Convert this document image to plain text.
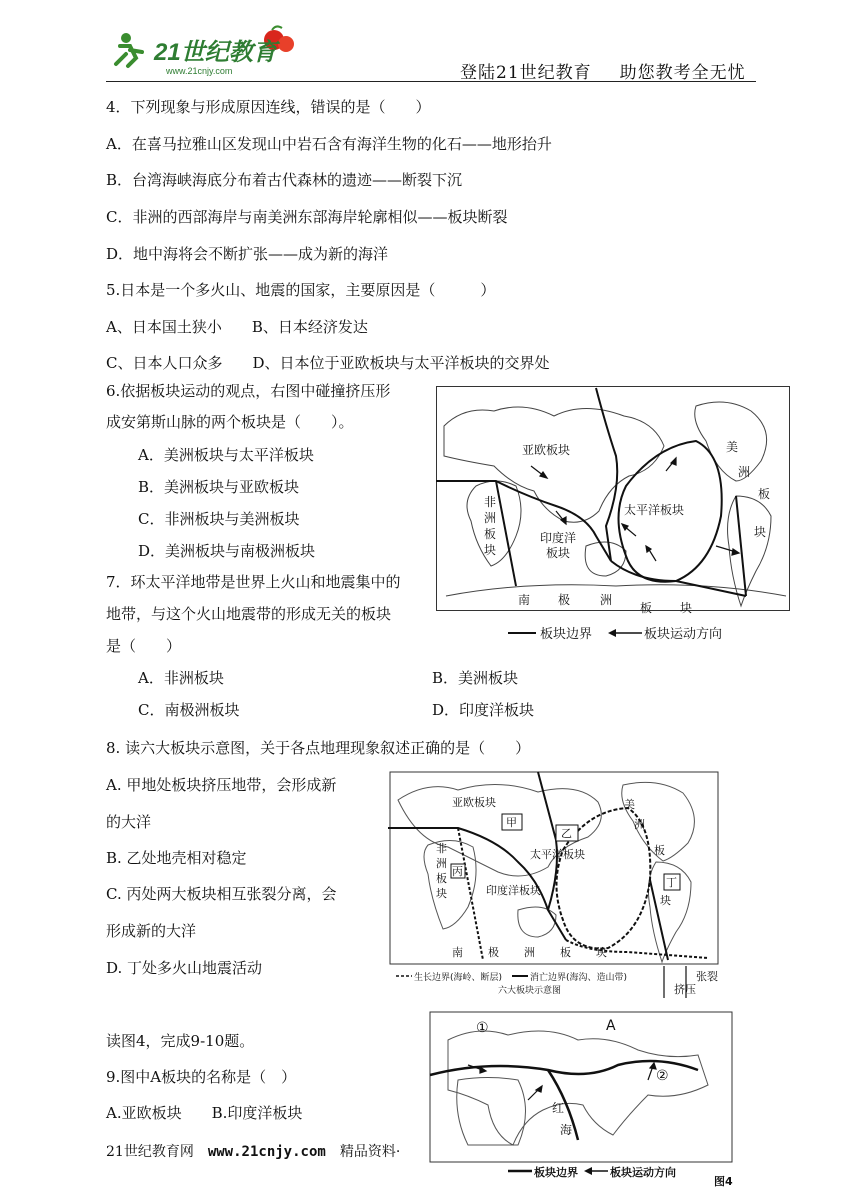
21世纪教育
www.21cnjy.com	登陆21世纪教育 助您教考全无忧
4．下列现象与形成原因连线，错误的是（　　）
A．在喜马拉雅山区发现山中岩石含有海洋生物的化石——地形抬升
B．台湾海峡海底分布着古代森林的遗迹——断裂下沉
C．非洲的西部海岸与南美洲东部海岸轮廓相似——板块断裂
D．地中海将会不断扩张——成为新的海洋
5.日本是一个多火山、地震的国家，主要原因是（　　　）
A、日本国土狭小　　B、日本经济发达
C、日本人口众多　　D、日本位于亚欧板块与太平洋板块的交界处
6.依据板块运动的观点，右图中碰撞挤压形
成安第斯山脉的两个板块是（　　）。
A．美洲板块与太平洋板块
B．美洲板块与亚欧板块
C．非洲板块与美洲板块
D．美洲板块与南极洲板块
7．环太平洋地带是世界上火山和地震集中的
地带，与这个火山地震带的形成无关的板块
是（　　）
A．非洲板块	B．美洲板块
C．南极洲板块	D．印度洋板块
亚欧板块
太平洋板块
非
洲
板
块
印度洋
板块
美
洲
板
块
南 极 洲
板 块
板块边界	板块运动方向
8. 读六大板块示意图，关于各点地理现象叙述正确的是（　　）
A. 甲地处板块挤压地带，会形成新
的大洋
B. 乙处地壳相对稳定
C. 丙处两大板块相互张裂分离，会
形成新的大洋
D. 丁处多火山地震活动
亚欧板块
甲
乙
太平洋板块
印度洋板块
丙
丁
非
洲
板
块
美
洲
板
块
南 极 洲 板 块
生长边界(海岭、断层)	消亡边界(海沟、造山带)
六大板块示意图	挤压
张裂
读图4，完成9-10题。
9.图中A板块的名称是（　）
A.亚欧板块　　B.印度洋板块
A
①
②
红
海
板块边界	板块运动方向
图4
21世纪教育网 www.21cnjy.com 精品资料·
